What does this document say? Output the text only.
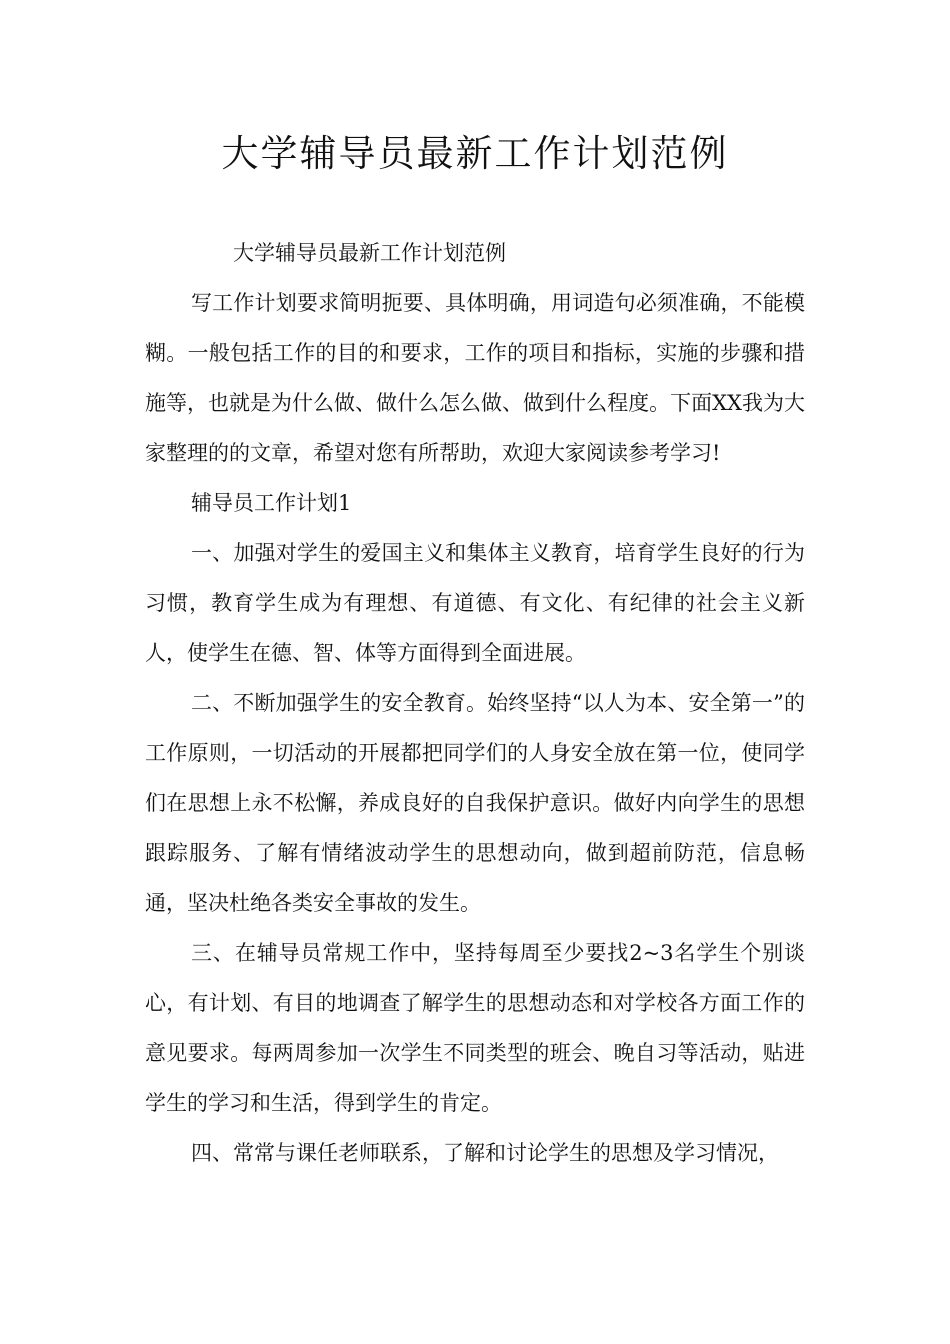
大学辅导员最新工作计划范例

大学辅导员最新工作计划范例

写工作计划要求简明扼要、具体明确，用词造句必须准确，不能模糊。一般包括工作的目的和要求，工作的项目和指标，实施的步骤和措施等，也就是为什么做、做什么怎么做、做到什么程度。下面XX我为大家整理的的文章，希望对您有所帮助，欢迎大家阅读参考学习!

辅导员工作计划1

一、加强对学生的爱国主义和集体主义教育，培育学生良好的行为习惯，教育学生成为有理想、有道德、有文化、有纪律的社会主义新人，使学生在德、智、体等方面得到全面进展。

二、不断加强学生的安全教育。始终坚持“以人为本、安全第一”的工作原则，一切活动的开展都把同学们的人身安全放在第一位，使同学们在思想上永不松懈，养成良好的自我保护意识。做好内向学生的思想跟踪服务、了解有情绪波动学生的思想动向，做到超前防范，信息畅通，坚决杜绝各类安全事故的发生。

三、在辅导员常规工作中，坚持每周至少要找2~3名学生个别谈心，有计划、有目的地调查了解学生的思想动态和对学校各方面工作的意见要求。每两周参加一次学生不同类型的班会、晚自习等活动，贴进学生的学习和生活，得到学生的肯定。

四、常常与课任老师联系，了解和讨论学生的思想及学习情况，
